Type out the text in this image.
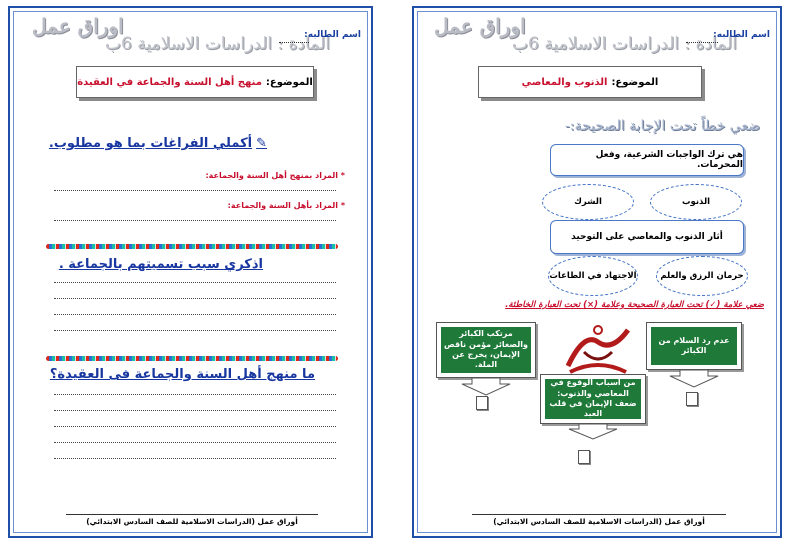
اوراق عمل
المادة : الدراسات الاسلامية 6ب
اسم الطالبه:
الموضوع:
منهج أهل السنة والجماعة في العقيدة
✎أكملي الفراغات بما هو مطلوب.
* المراد بمنهج أهل السنة والجماعة:
* المراد بأهل السنة والجماعة:
اذكري سبب تسميتهم بالجماعة .
ما منهج أهل السنة والجماعة فى العقيدة؟
أوراق عمل (الدراسات الاسلامية للصف السادس الابتدائي)
اوراق عمل
المادة : الدراسات الاسلامية 6ب
اسم الطالبه:
الموضوع:
الذنوب والمعاصي
ضعي خطاً تحت الإجابة الصحيحة:-
هي ترك الواجبات الشرعية، وفعل المحرمات.
الذنوب
الشرك
أثار الذنوب والمعاصي على التوحيد
حرمان الرزق والعلم
الاجتهاد في الطاعات
ضعي علامة (✓) تحت العبارة الصحيحة وعلامة (×) تحت العبارة الخاطئة.
عدم رد السلام من الكبائر
مرتكب الكبائر والصغائر مؤمن ناقص الإيمان، يخرج عن الملة.
من أسباب الوقوع في المعاصي والذنوب: ضعف الإيمان في قلب العبد
أوراق عمل (الدراسات الاسلامية للصف السادس الابتدائي)
